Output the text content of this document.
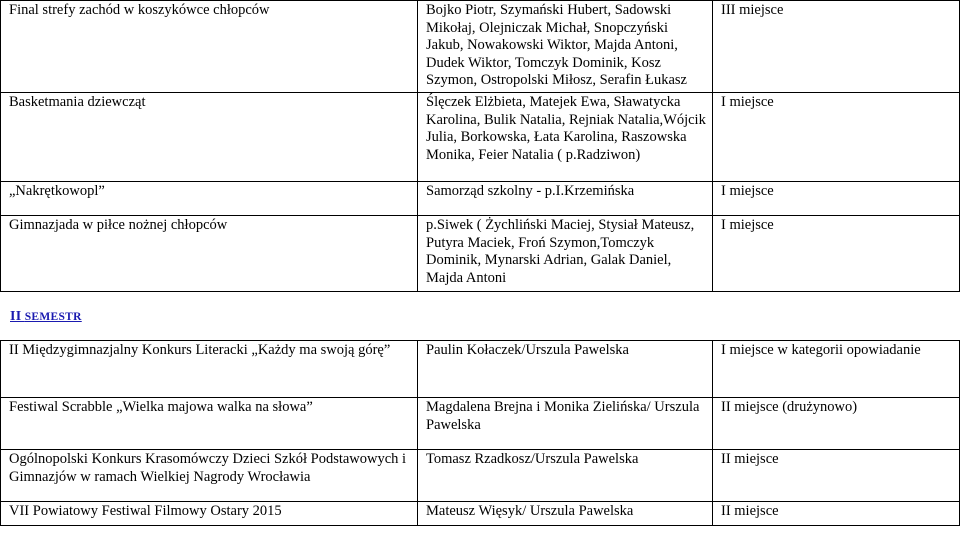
Final strefy zachód w koszykówce chłopców	Bojko Piotr, Szymański Hubert, Sadowski Mikołaj, Olejniczak Michał, Snopczyński Jakub, Nowakowski Wiktor, Majda Antoni, Dudek Wiktor, Tomczyk Dominik, Kosz Szymon, Ostropolski Miłosz, Serafin Łukasz	III miejsce
Basketmania dziewcząt	Ślęczek Elżbieta, Matejek Ewa, Sławatycka Karolina, Bulik Natalia, Rejniak Natalia,Wójcik Julia, Borkowska, Łata Karolina, Raszowska Monika, Feier Natalia ( p.Radziwon)	I miejsce
„Nakrętkowopl”	Samorząd szkolny - p.I.Krzemińska	I miejsce
Gimnazjada w piłce nożnej chłopców	p.Siwek ( Żychliński Maciej, Stysiał Mateusz, Putyra Maciek, Froń Szymon,Tomczyk Dominik, Mynarski Adrian, Galak Daniel, Majda Antoni	I miejsce
II SEMESTR
II Międzygimnazjalny Konkurs Literacki „Każdy ma swoją górę”	Paulin Kołaczek/Urszula Pawelska	I miejsce w kategorii opowiadanie
Festiwal Scrabble „Wielka majowa walka na słowa”	Magdalena Brejna i Monika Zielińska/ Urszula Pawelska	II miejsce (drużynowo)
Ogólnopolski Konkurs Krasomówczy Dzieci Szkół Podstawowych i Gimnazjów w ramach Wielkiej Nagrody Wrocławia	Tomasz Rzadkosz/Urszula Pawelska	II miejsce
VII Powiatowy Festiwal Filmowy Ostary 2015	Mateusz Więsyk/ Urszula Pawelska	II miejsce
